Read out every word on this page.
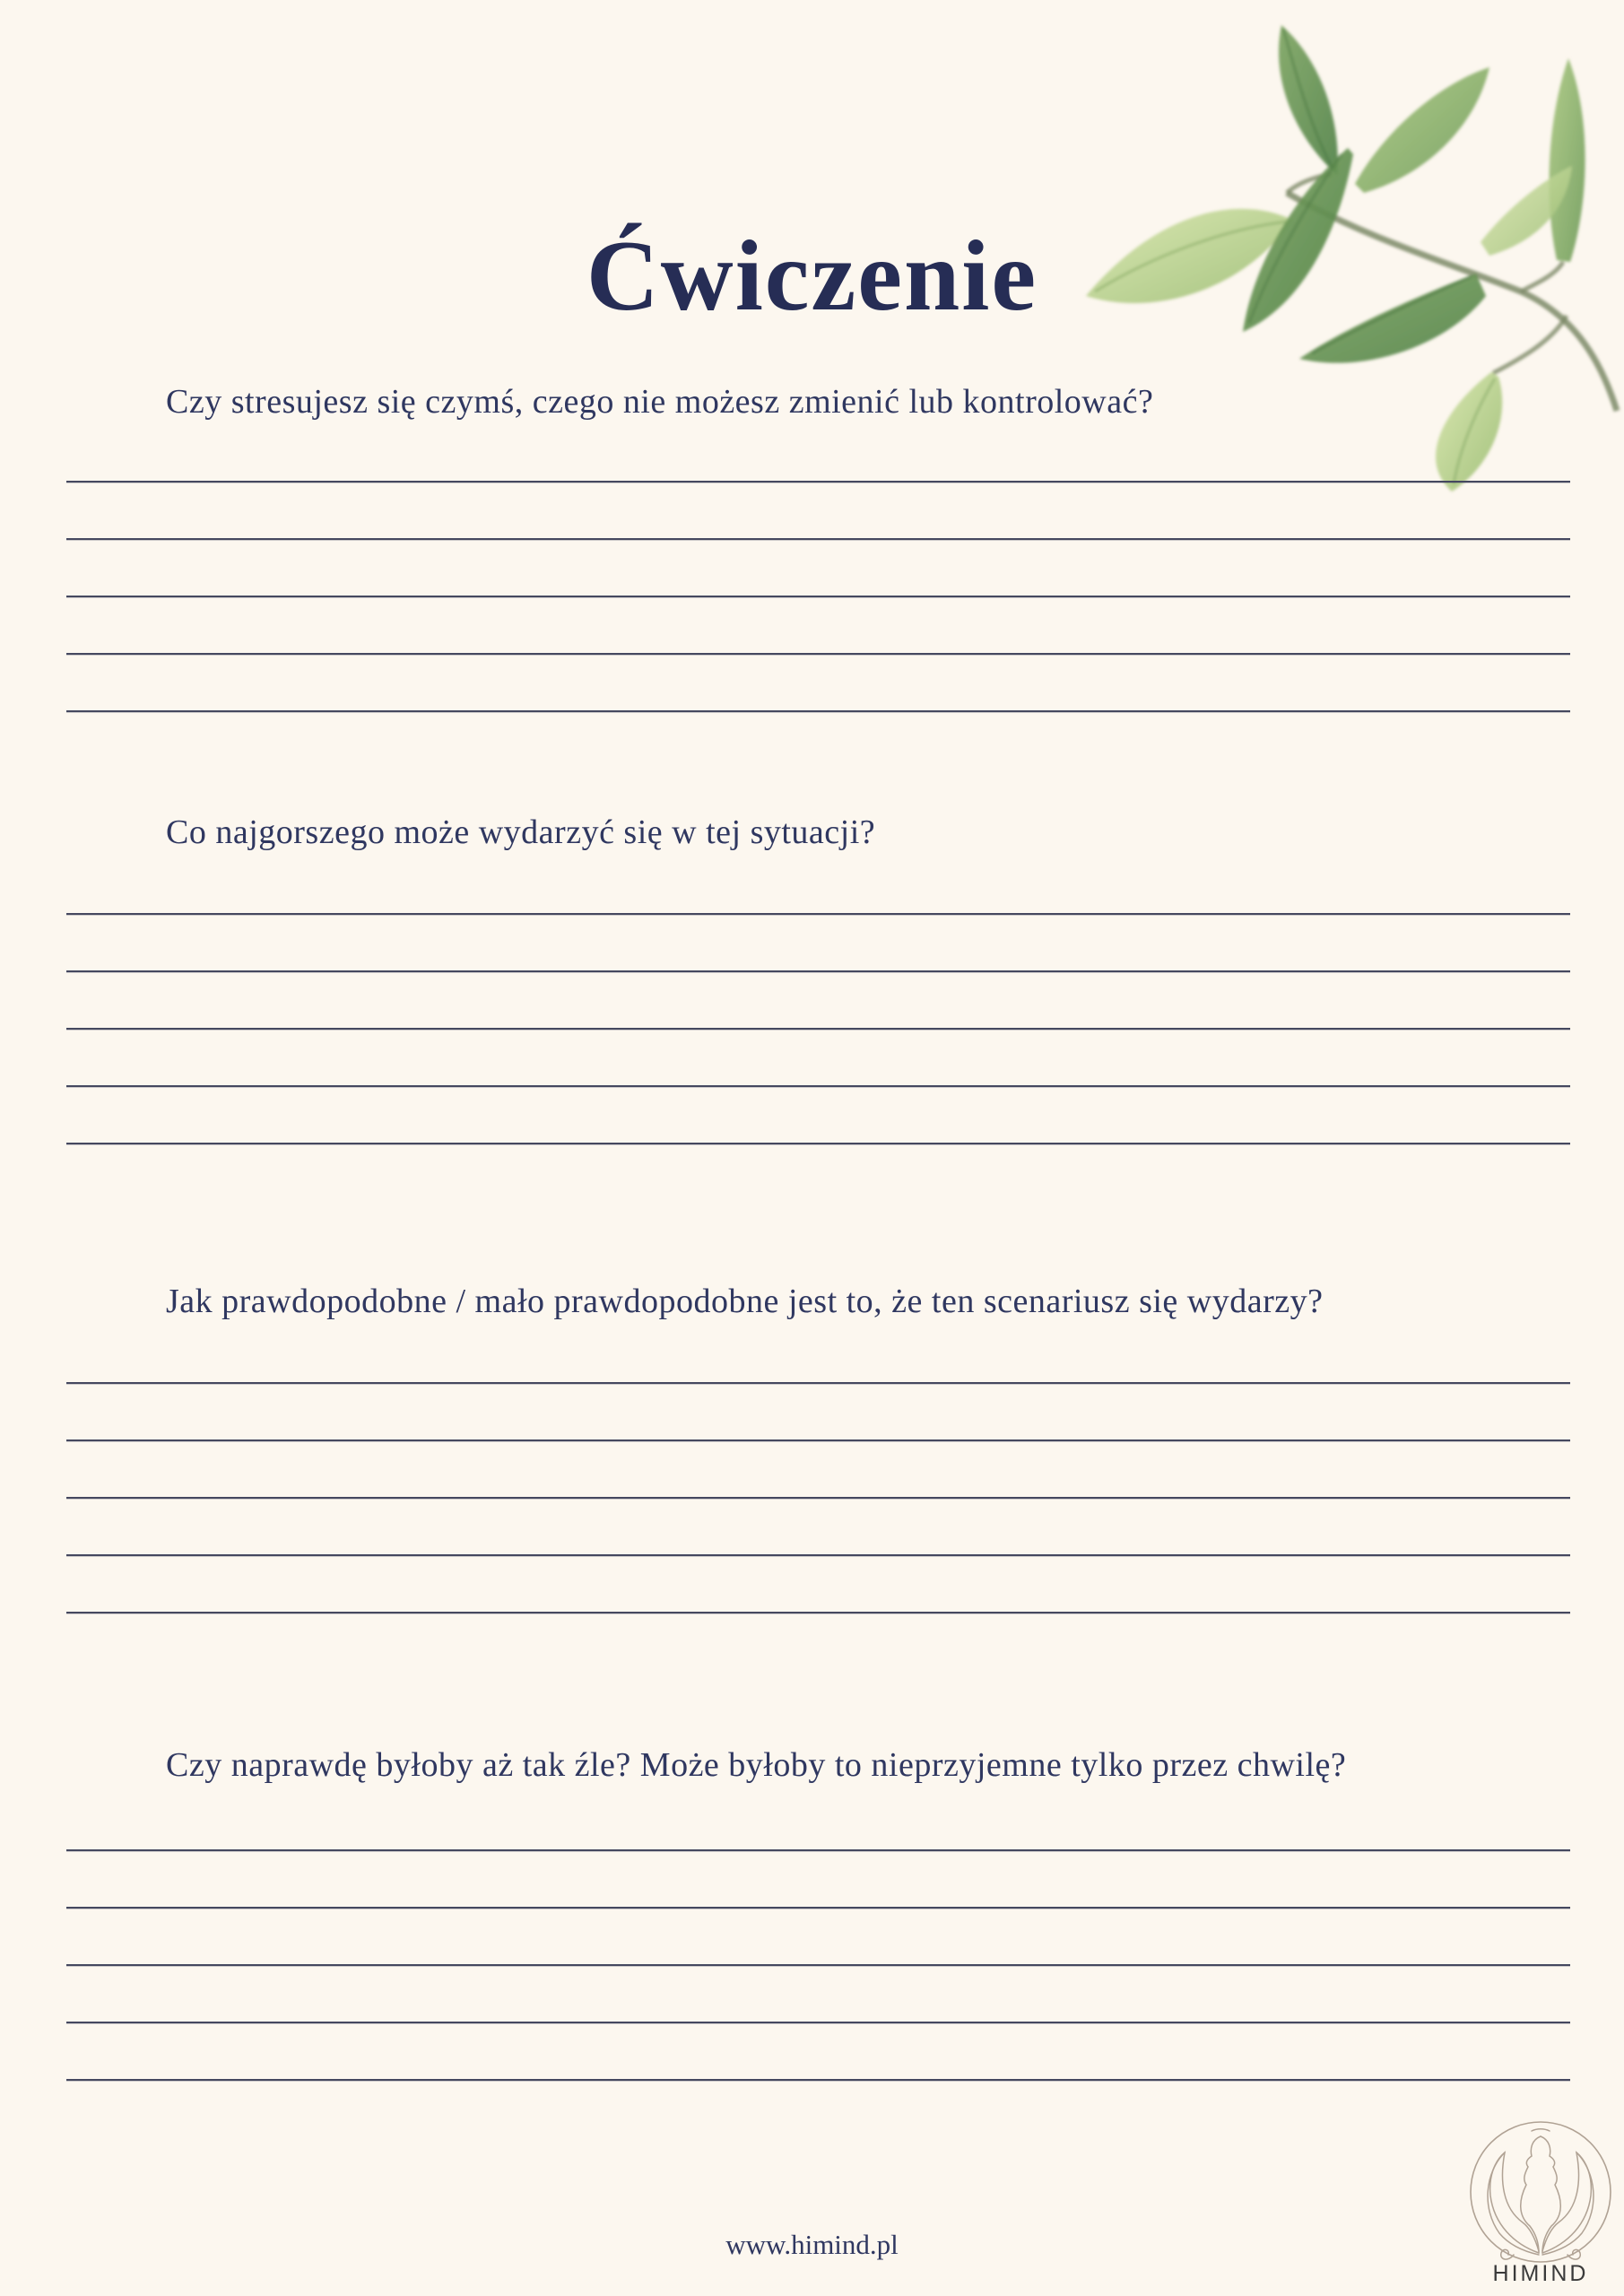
Ćwiczenie

Czy stresujesz się czymś, czego nie możesz zmienić lub kontrolować?

Co najgorszego może wydarzyć się w tej sytuacji?

Jak prawdopodobne / mało prawdopodobne jest to, że ten scenariusz się wydarzy?

Czy naprawdę byłoby aż tak źle? Może byłoby to nieprzyjemne tylko przez chwilę?

www.himind.pl
HIMIND
